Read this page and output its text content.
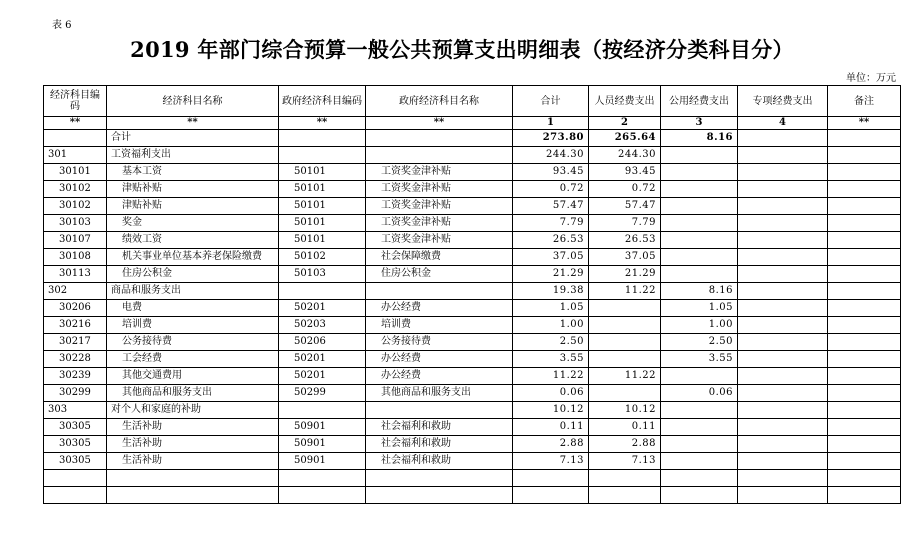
表 6
2019 年部门综合预算一般公共预算支出明细表（按经济分类科目分）
单位：万元
经济科目编码	经济科目名称	政府经济科目编码	政府经济科目名称	合计	人员经费支出	公用经费支出	专项经费支出	备注
**	**	**	**	1	2	3	4	**
	合计			273.80	265.64	8.16		
301	工资福利支出			244.30	244.30			
30101	基本工资	50101	工资奖金津补贴	93.45	93.45			
30102	津贴补贴	50101	工资奖金津补贴	0.72	0.72			
30102	津贴补贴	50101	工资奖金津补贴	57.47	57.47			
30103	奖金	50101	工资奖金津补贴	7.79	7.79			
30107	绩效工资	50101	工资奖金津补贴	26.53	26.53			
30108	机关事业单位基本养老保险缴费	50102	社会保障缴费	37.05	37.05			
30113	住房公积金	50103	住房公积金	21.29	21.29			
302	商品和服务支出			19.38	11.22	8.16		
30206	电费	50201	办公经费	1.05		1.05		
30216	培训费	50203	培训费	1.00		1.00		
30217	公务接待费	50206	公务接待费	2.50		2.50		
30228	工会经费	50201	办公经费	3.55		3.55		
30239	其他交通费用	50201	办公经费	11.22	11.22			
30299	其他商品和服务支出	50299	其他商品和服务支出	0.06		0.06		
303	对个人和家庭的补助			10.12	10.12			
30305	生活补助	50901	社会福利和救助	0.11	0.11			
30305	生活补助	50901	社会福利和救助	2.88	2.88			
30305	生活补助	50901	社会福利和救助	7.13	7.13			
